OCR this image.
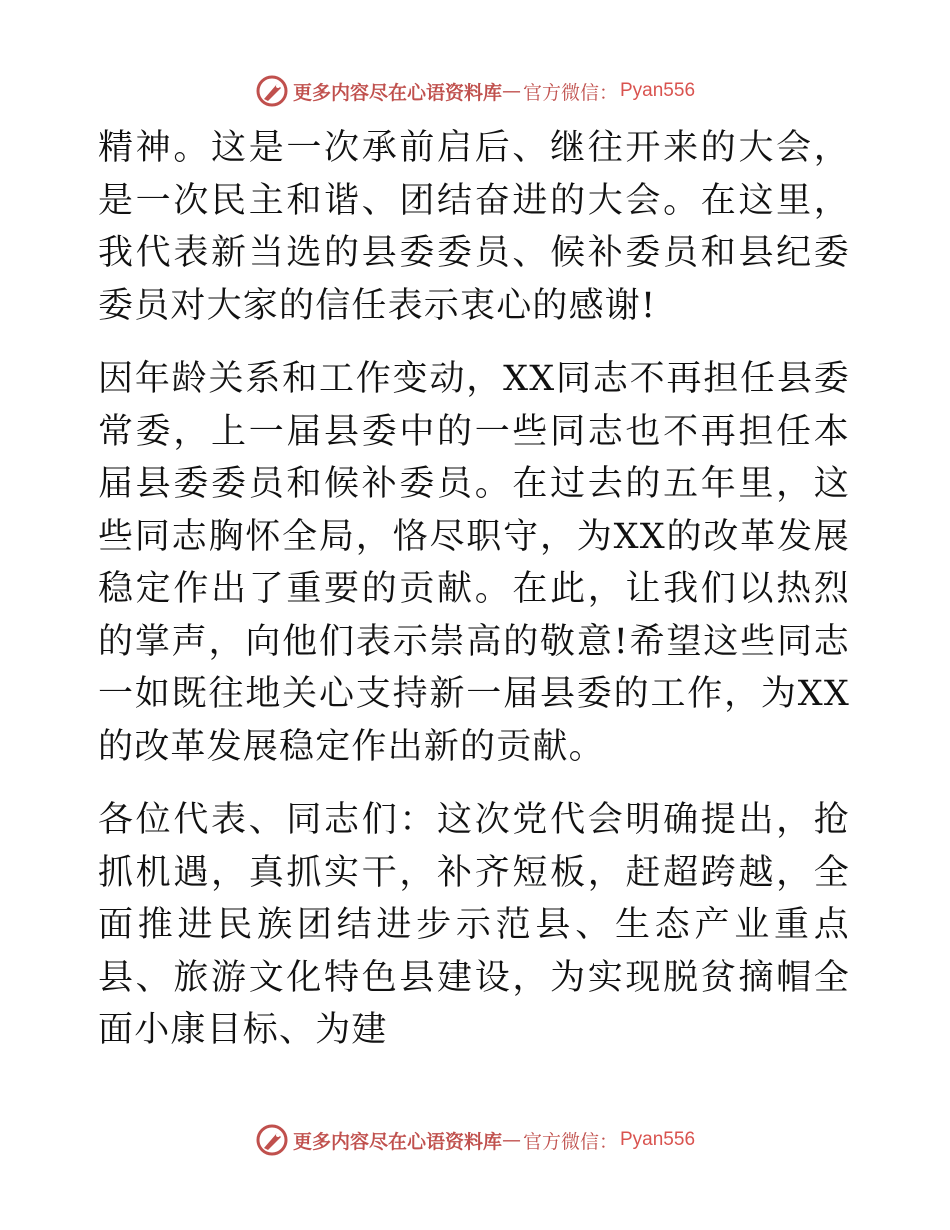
更多内容尽在心语资料库 — 官方微信： Pyan556

精神。这是一次承前启后、继往开来的大会，是一次民主和谐、团结奋进的大会。在这里，我代表新当选的县委委员、候补委员和县纪委委员对大家的信任表示衷心的感谢!

因年龄关系和工作变动，XX同志不再担任县委常委，上一届县委中的一些同志也不再担任本届县委委员和候补委员。在过去的五年里，这些同志胸怀全局，恪尽职守，为XX的改革发展稳定作出了重要的贡献。在此，让我们以热烈的掌声，向他们表示崇高的敬意!希望这些同志一如既往地关心支持新一届县委的工作，为XX的改革发展稳定作出新的贡献。

各位代表、同志们：这次党代会明确提出，抢抓机遇，真抓实干，补齐短板，赶超跨越，全面推进民族团结进步示范县、生态产业重点县、旅游文化特色县建设，为实现脱贫摘帽全面小康目标、为建

更多内容尽在心语资料库 — 官方微信： Pyan556
